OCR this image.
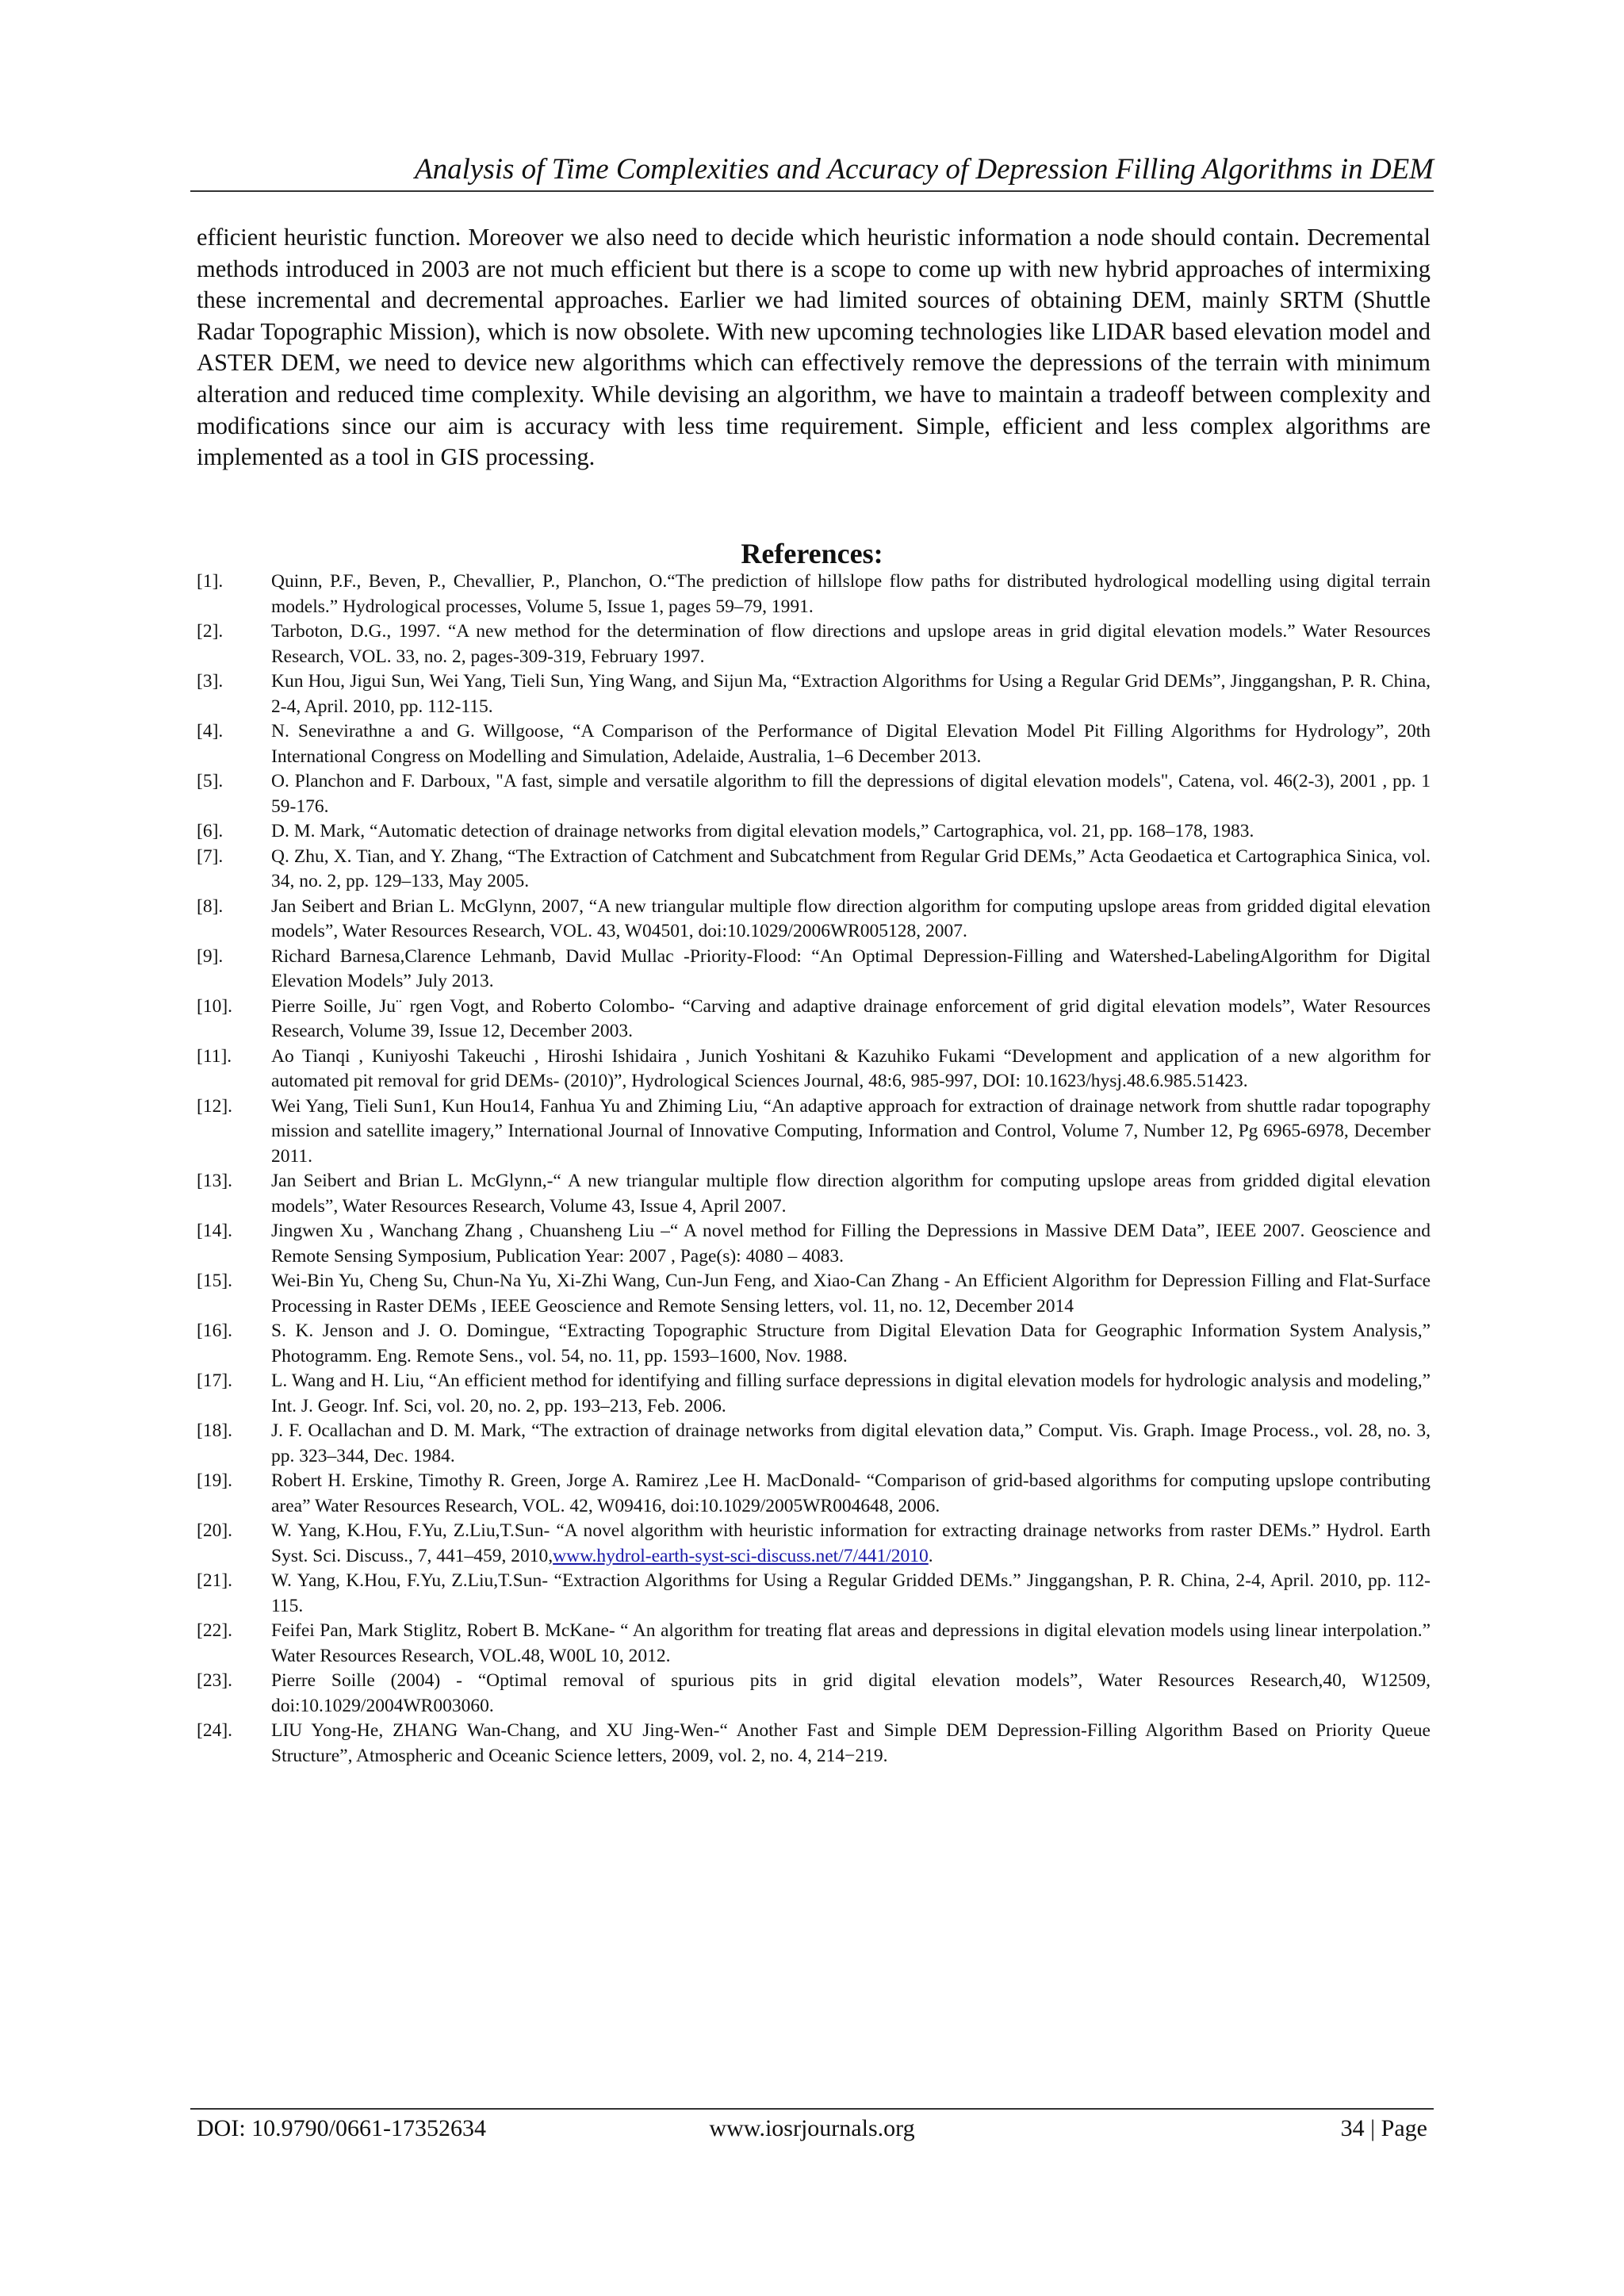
Analysis of Time Complexities and Accuracy of Depression Filling Algorithms in DEM

efficient heuristic function. Moreover we also need to decide which heuristic information a node should contain. Decremental methods introduced in 2003 are not much efficient but there is a scope to come up with new hybrid approaches of intermixing these incremental and decremental approaches. Earlier we had limited sources of obtaining DEM, mainly SRTM (Shuttle Radar Topographic Mission), which is now obsolete. With new upcoming technologies like LIDAR based elevation model and ASTER DEM, we need to device new algorithms which can effectively remove the depressions of the terrain with minimum alteration and reduced time complexity. While devising an algorithm, we have to maintain a tradeoff between complexity and modifications since our aim is accuracy with less time requirement. Simple, efficient and less complex algorithms are implemented as a tool in GIS processing.

References:
[1].	Quinn, P.F., Beven, P., Chevallier, P., Planchon, O.“The prediction of hillslope flow paths for distributed hydrological modelling using digital terrain models.” Hydrological processes, Volume 5, Issue 1, pages 59–79, 1991.
[2].	Tarboton, D.G., 1997. “A new method for the determination of flow directions and upslope areas in grid digital elevation models.” Water Resources Research, VOL. 33, no. 2, pages-309-319, February 1997.
[3].	Kun Hou, Jigui Sun, Wei Yang, Tieli Sun, Ying Wang, and Sijun Ma, “Extraction Algorithms for Using a Regular Grid DEMs”, Jinggangshan, P. R. China, 2-4, April. 2010, pp. 112-115.
[4].	N. Senevirathne a and G. Willgoose, “A Comparison of the Performance of Digital Elevation Model Pit Filling Algorithms for Hydrology”, 20th International Congress on Modelling and Simulation, Adelaide, Australia, 1–6 December 2013.
[5].	O. Planchon and F. Darboux, "A fast, simple and versatile algorithm to fill the depressions of digital elevation models", Catena, vol. 46(2-3), 2001 , pp. 1 59-176.
[6].	D. M. Mark, “Automatic detection of drainage networks from digital elevation models,” Cartographica, vol. 21, pp. 168–178, 1983.
[7].	Q. Zhu, X. Tian, and Y. Zhang, “The Extraction of Catchment and Subcatchment from Regular Grid DEMs,” Acta Geodaetica et Cartographica Sinica, vol. 34, no. 2, pp. 129–133, May 2005.
[8].	Jan Seibert and Brian L. McGlynn, 2007, “A new triangular multiple flow direction algorithm for computing upslope areas from gridded digital elevation models”, Water Resources Research, VOL. 43, W04501, doi:10.1029/2006WR005128, 2007.
[9].	Richard Barnesa,Clarence Lehmanb, David Mullac -Priority-Flood: “An Optimal Depression-Filling and Watershed-LabelingAlgorithm for Digital Elevation Models” July 2013.
[10].	Pierre Soille, Ju¨ rgen Vogt, and Roberto Colombo- “Carving and adaptive drainage enforcement of grid digital elevation models”, Water Resources Research, Volume 39, Issue 12, December 2003.
[11].	Ao Tianqi , Kuniyoshi Takeuchi , Hiroshi Ishidaira , Junich Yoshitani & Kazuhiko Fukami “Development and application of a new algorithm for automated pit removal for grid DEMs- (2010)”, Hydrological Sciences Journal, 48:6, 985-997, DOI: 10.1623/hysj.48.6.985.51423.
[12].	Wei Yang, Tieli Sun1, Kun Hou14, Fanhua Yu and Zhiming Liu, “An adaptive approach for extraction of drainage network from shuttle radar topography mission and satellite imagery,” International Journal of Innovative Computing, Information and Control, Volume 7, Number 12, Pg 6965-6978, December 2011.
[13].	Jan Seibert and Brian L. McGlynn,-“ A new triangular multiple flow direction algorithm for computing upslope areas from gridded digital elevation models”, Water Resources Research, Volume 43, Issue 4, April 2007.
[14].	Jingwen Xu , Wanchang Zhang , Chuansheng Liu –“ A novel method for Filling the Depressions in Massive DEM Data”, IEEE 2007. Geoscience and Remote Sensing Symposium, Publication Year: 2007 , Page(s): 4080 – 4083.
[15].	Wei-Bin Yu, Cheng Su, Chun-Na Yu, Xi-Zhi Wang, Cun-Jun Feng, and Xiao-Can Zhang - An Efficient Algorithm for Depression Filling and Flat-Surface Processing in Raster DEMs , IEEE Geoscience and Remote Sensing letters, vol. 11, no. 12, December 2014
[16].	S. K. Jenson and J. O. Domingue, “Extracting Topographic Structure from Digital Elevation Data for Geographic Information System Analysis,” Photogramm. Eng. Remote Sens., vol. 54, no. 11, pp. 1593–1600, Nov. 1988.
[17].	L. Wang and H. Liu, “An efficient method for identifying and filling surface depressions in digital elevation models for hydrologic analysis and modeling,” Int. J. Geogr. Inf. Sci, vol. 20, no. 2, pp. 193–213, Feb. 2006.
[18].	J. F. Ocallachan and D. M. Mark, “The extraction of drainage networks from digital elevation data,” Comput. Vis. Graph. Image Process., vol. 28, no. 3, pp. 323–344, Dec. 1984.
[19].	Robert H. Erskine, Timothy R. Green, Jorge A. Ramirez ,Lee H. MacDonald- “Comparison of grid-based algorithms for computing upslope contributing area” Water Resources Research, VOL. 42, W09416, doi:10.1029/2005WR004648, 2006.
[20].	W. Yang, K.Hou, F.Yu, Z.Liu,T.Sun- “A novel algorithm with heuristic information for extracting drainage networks from raster DEMs.” Hydrol. Earth Syst. Sci. Discuss., 7, 441–459, 2010,www.hydrol-earth-syst-sci-discuss.net/7/441/2010.
[21].	W. Yang, K.Hou, F.Yu, Z.Liu,T.Sun- “Extraction Algorithms for Using a Regular Gridded DEMs.” Jinggangshan, P. R. China, 2-4, April. 2010, pp. 112-115.
[22].	Feifei Pan, Mark Stiglitz, Robert B. McKane- “ An algorithm for treating flat areas and depressions in digital elevation models using linear interpolation.” Water Resources Research, VOL.48, W00L 10, 2012.
[23].	Pierre Soille (2004) - “Optimal removal of spurious pits in grid digital elevation models”, Water Resources Research,40, W12509, doi:10.1029/2004WR003060.
[24].	LIU Yong-He, ZHANG Wan-Chang, and XU Jing-Wen-“ Another Fast and Simple DEM Depression-Filling Algorithm Based on Priority Queue Structure”, Atmospheric and Oceanic Science letters, 2009, vol. 2, no. 4, 214−219.
DOI: 10.9790/0661-17352634	www.iosrjournals.org	34 | Page
